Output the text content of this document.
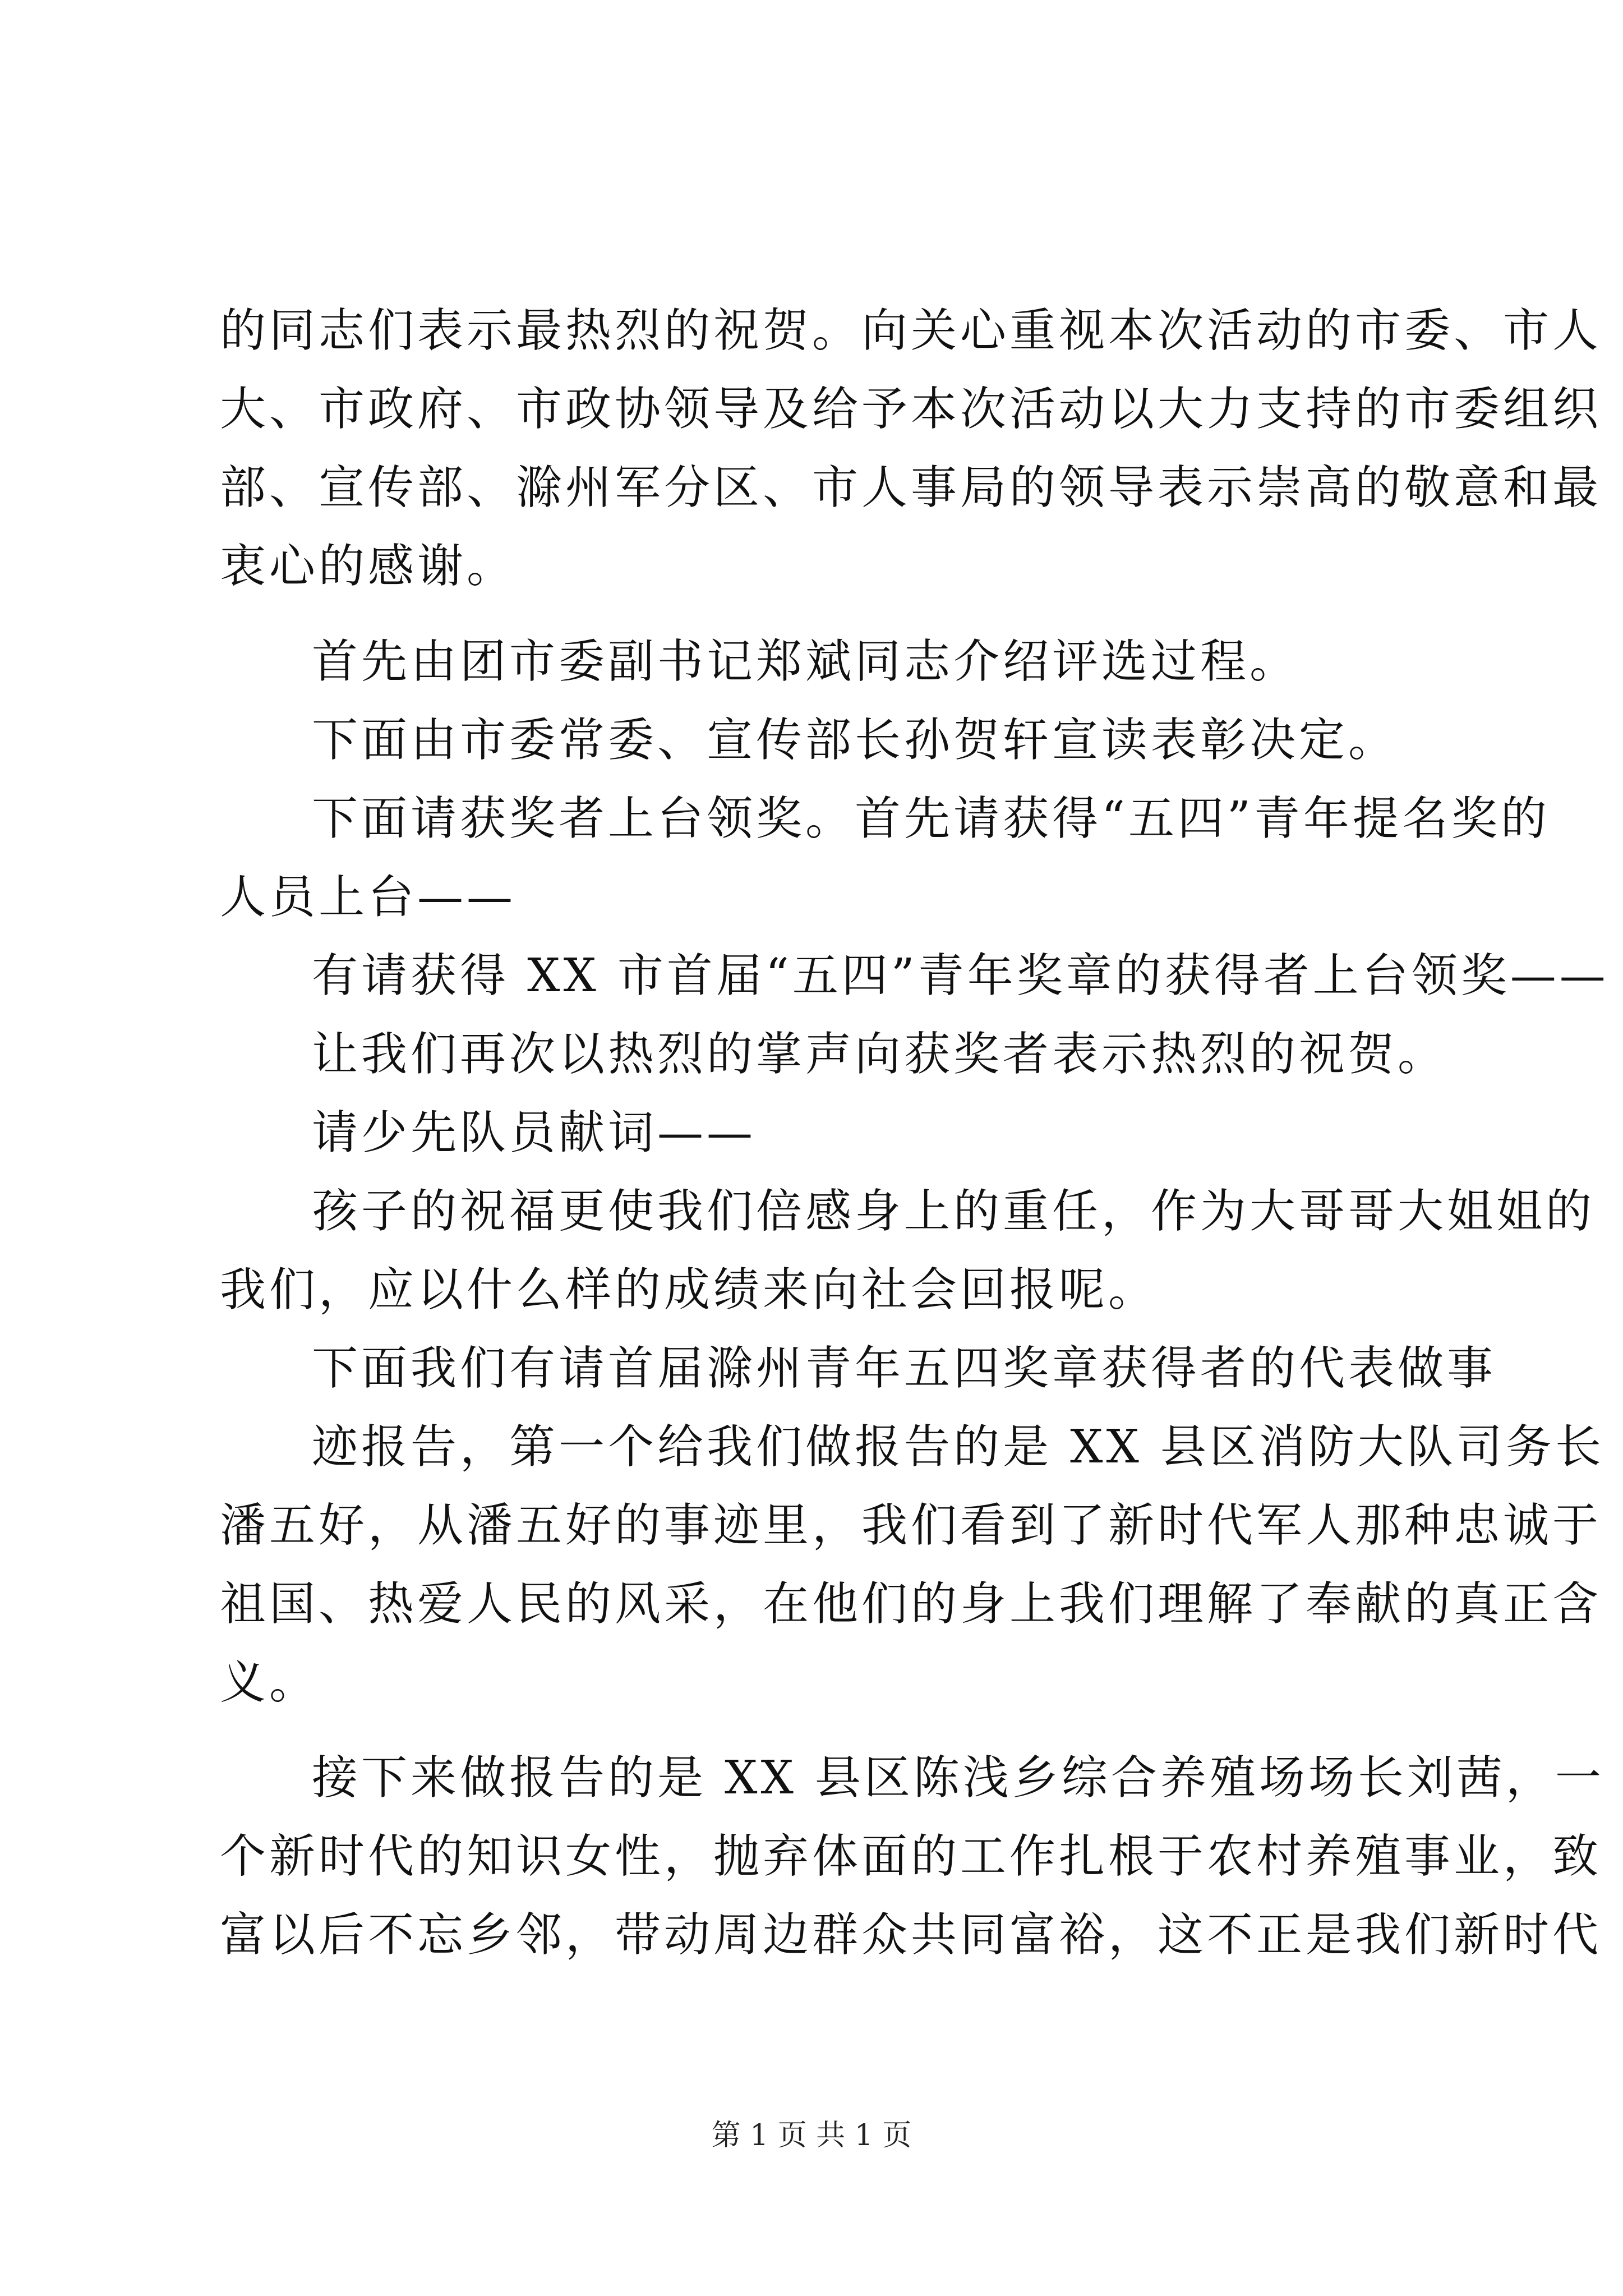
的同志们表示最热烈的祝贺。向关心重视本次活动的市委、市人
大、市政府、市政协领导及给予本次活动以大力支持的市委组织
部、宣传部、滁州军分区、市人事局的领导表示崇高的敬意和最
衷心的感谢。
首先由团市委副书记郑斌同志介绍评选过程。
下面由市委常委、宣传部长孙贺轩宣读表彰决定。
下面请获奖者上台领奖。首先请获得“五四”青年提名奖的
人员上台——
有请获得 XX 市首届“五四”青年奖章的获得者上台领奖——
让我们再次以热烈的掌声向获奖者表示热烈的祝贺。
请少先队员献词——
孩子的祝福更使我们倍感身上的重任，作为大哥哥大姐姐的
我们，应以什么样的成绩来向社会回报呢。
下面我们有请首届滁州青年五四奖章获得者的代表做事
迹报告，第一个给我们做报告的是 XX 县区消防大队司务长
潘五好，从潘五好的事迹里，我们看到了新时代军人那种忠诚于
祖国、热爱人民的风采，在他们的身上我们理解了奉献的真正含
义。
接下来做报告的是 XX 县区陈浅乡综合养殖场场长刘茜，一
个新时代的知识女性，抛弃体面的工作扎根于农村养殖事业，致
富以后不忘乡邻，带动周边群众共同富裕，这不正是我们新时代
第 1 页 共 1 页
